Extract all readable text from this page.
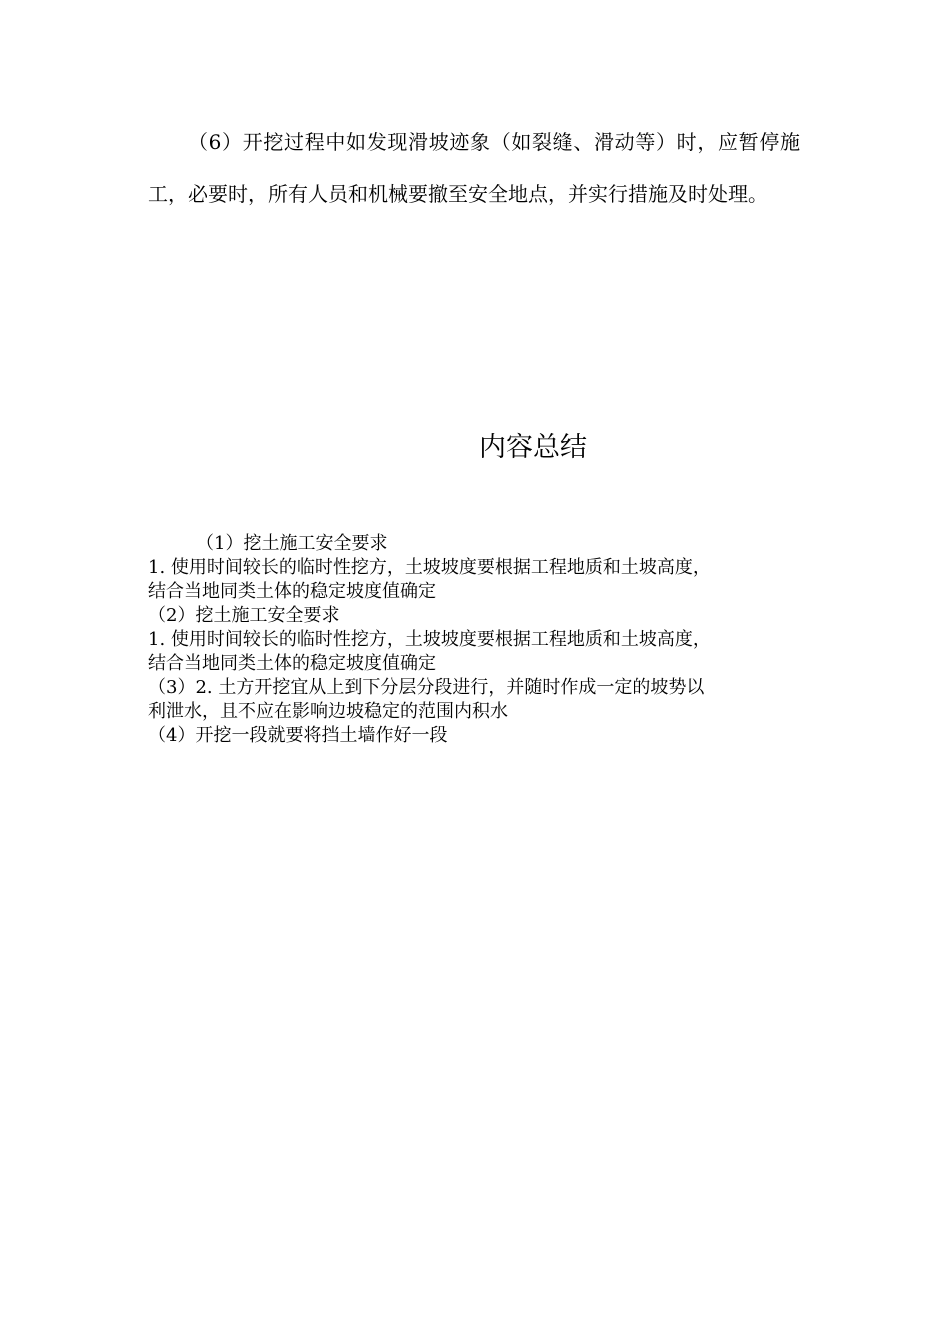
（6）开挖过程中如发现滑坡迹象（如裂缝、滑动等）时，应暂停施工，必要时，所有人员和机械要撤至安全地点，并实行措施及时处理。

内容总结
（1）挖土施工安全要求
1. 使用时间较长的临时性挖方，土坡坡度要根据工程地质和土坡高度，
结合当地同类土体的稳定坡度值确定
（2）挖土施工安全要求
1. 使用时间较长的临时性挖方，土坡坡度要根据工程地质和土坡高度，
结合当地同类土体的稳定坡度值确定
（3）2. 土方开挖宜从上到下分层分段进行，并随时作成一定的坡势以
利泄水，且不应在影响边坡稳定的范围内积水
（4）开挖一段就要将挡土墙作好一段
